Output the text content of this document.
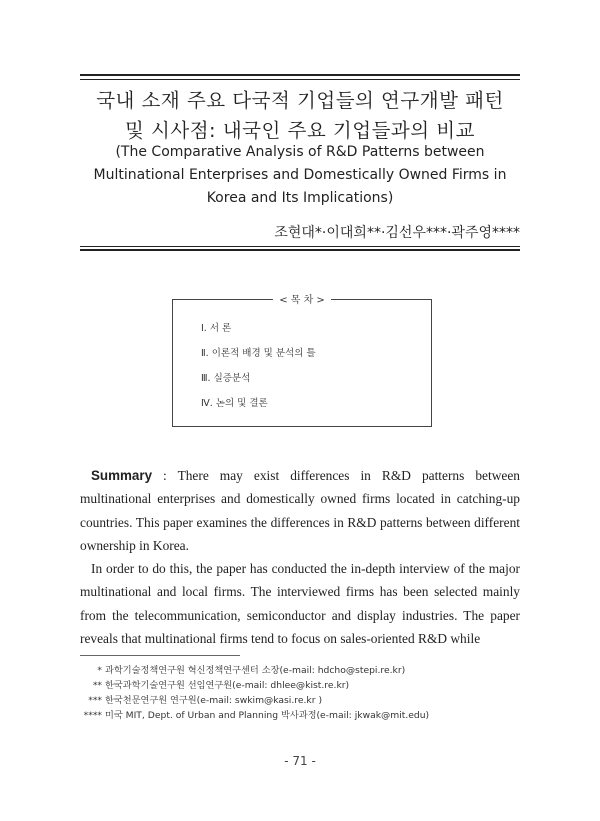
국내 소재 주요 다국적 기업들의 연구개발 패턴
및 시사점: 내국인 주요 기업들과의 비교
(The Comparative Analysis of R&D Patterns between
Multinational Enterprises and Domestically Owned Firms in
Korea and Its Implications)
조현대*·이대희**·김선우***·곽주영****
< 목 차 >
Ⅰ. 서 론
Ⅱ. 이론적 배경 및 분석의 틀
Ⅲ. 실증분석
Ⅳ. 논의 및 결론
Summary : There may exist differences in R&D patterns between multinational enterprises and domestically owned firms located in catching-up countries. This paper examines the differences in R&D patterns between different ownership in Korea.
In order to do this, the paper has conducted the in-depth interview of the major multinational and local firms. The interviewed firms has been selected mainly from the telecommunication, semiconductor and display industries. The paper reveals that multinational firms tend to focus on sales-oriented R&D while
* 과학기술정책연구원 혁신정책연구센터 소장(e-mail: hdcho@stepi.re.kr)
** 한국과학기술연구원 선임연구원(e-mail: dhlee@kist.re.kr)
*** 한국천문연구원 연구원(e-mail: swkim@kasi.re.kr )
**** 미국 MIT, Dept. of Urban and Planning 박사과정(e-mail: jkwak@mit.edu)
- 71 -
